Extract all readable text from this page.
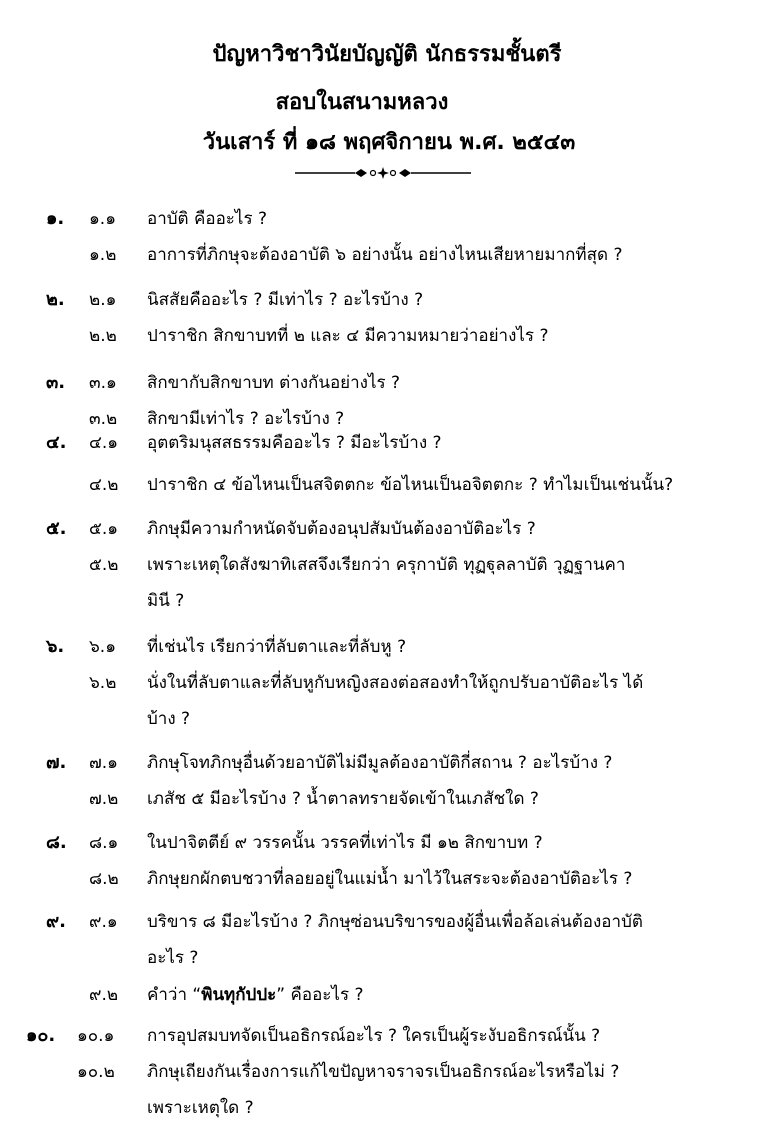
ปัญหาวิชาวินัยบัญญัติ นักธรรมชั้นตรี
สอบในสนามหลวง
วันเสาร์ ที่ ๑๘ พฤศจิกายน พ.ศ. ๒๕๔๓
๑. ๑.๑ อาบัติ คืออะไร ?
๑.๒ อาการที่ภิกษุจะต้องอาบัติ ๖ อย่างนั้น อย่างไหนเสียหายมากที่สุด ?
๒. ๒.๑ นิสสัยคืออะไร ? มีเท่าไร ? อะไรบ้าง ?
๒.๒ ปาราชิก สิกขาบทที่ ๒ และ ๔ มีความหมายว่าอย่างไร ?
๓. ๓.๑ สิกขากับสิกขาบท ต่างกันอย่างไร ?
๓.๒ สิกขามีเท่าไร ? อะไรบ้าง ?
๔. ๔.๑ อุตตริมนุสสธรรมคืออะไร ? มีอะไรบ้าง ?
๔.๒ ปาราชิก ๔ ข้อไหนเป็นสจิตตกะ ข้อไหนเป็นอจิตตกะ ? ทำไมเป็นเช่นนั้น?
๕. ๕.๑ ภิกษุมีความกำหนัดจับต้องอนุปสัมบันต้องอาบัติอะไร ?
๕.๒ เพราะเหตุใดสังฆาทิเสสจึงเรียกว่า ครุกาบัติ ทุฏฐุลลาบัติ วุฏฐานคา
มินี ?
๖. ๖.๑ ที่เช่นไร เรียกว่าที่ลับตาและที่ลับหู ?
๖.๒ นั่งในที่ลับตาและที่ลับหูกับหญิงสองต่อสองทำให้ถูกปรับอาบัติอะไร ได้
บ้าง ?
๗. ๗.๑ ภิกษุโจทภิกษุอื่นด้วยอาบัติไม่มีมูลต้องอาบัติกี่สถาน ? อะไรบ้าง ?
๗.๒ เภสัช ๕ มีอะไรบ้าง ? น้ำตาลทรายจัดเข้าในเภสัชใด ?
๘. ๘.๑ ในปาจิตตีย์ ๙ วรรคนั้น วรรคที่เท่าไร มี ๑๒ สิกขาบท ?
๘.๒ ภิกษุยกผักตบชวาที่ลอยอยู่ในแม่น้ำ มาไว้ในสระจะต้องอาบัติอะไร ?
๙. ๙.๑ บริขาร ๘ มีอะไรบ้าง ? ภิกษุซ่อนบริขารของผู้อื่นเพื่อล้อเล่นต้องอาบัติ
อะไร ?
๙.๒ คำว่า “พินทุกัปปะ” คืออะไร ?
๑๐. ๑๐.๑ การอุปสมบทจัดเป็นอธิกรณ์อะไร ? ใครเป็นผู้ระงับอธิกรณ์นั้น ?
๑๐.๒ ภิกษุเถียงกันเรื่องการแก้ไขปัญหาจราจรเป็นอธิกรณ์อะไรหรือไม่ ?
เพราะเหตุใด ?
